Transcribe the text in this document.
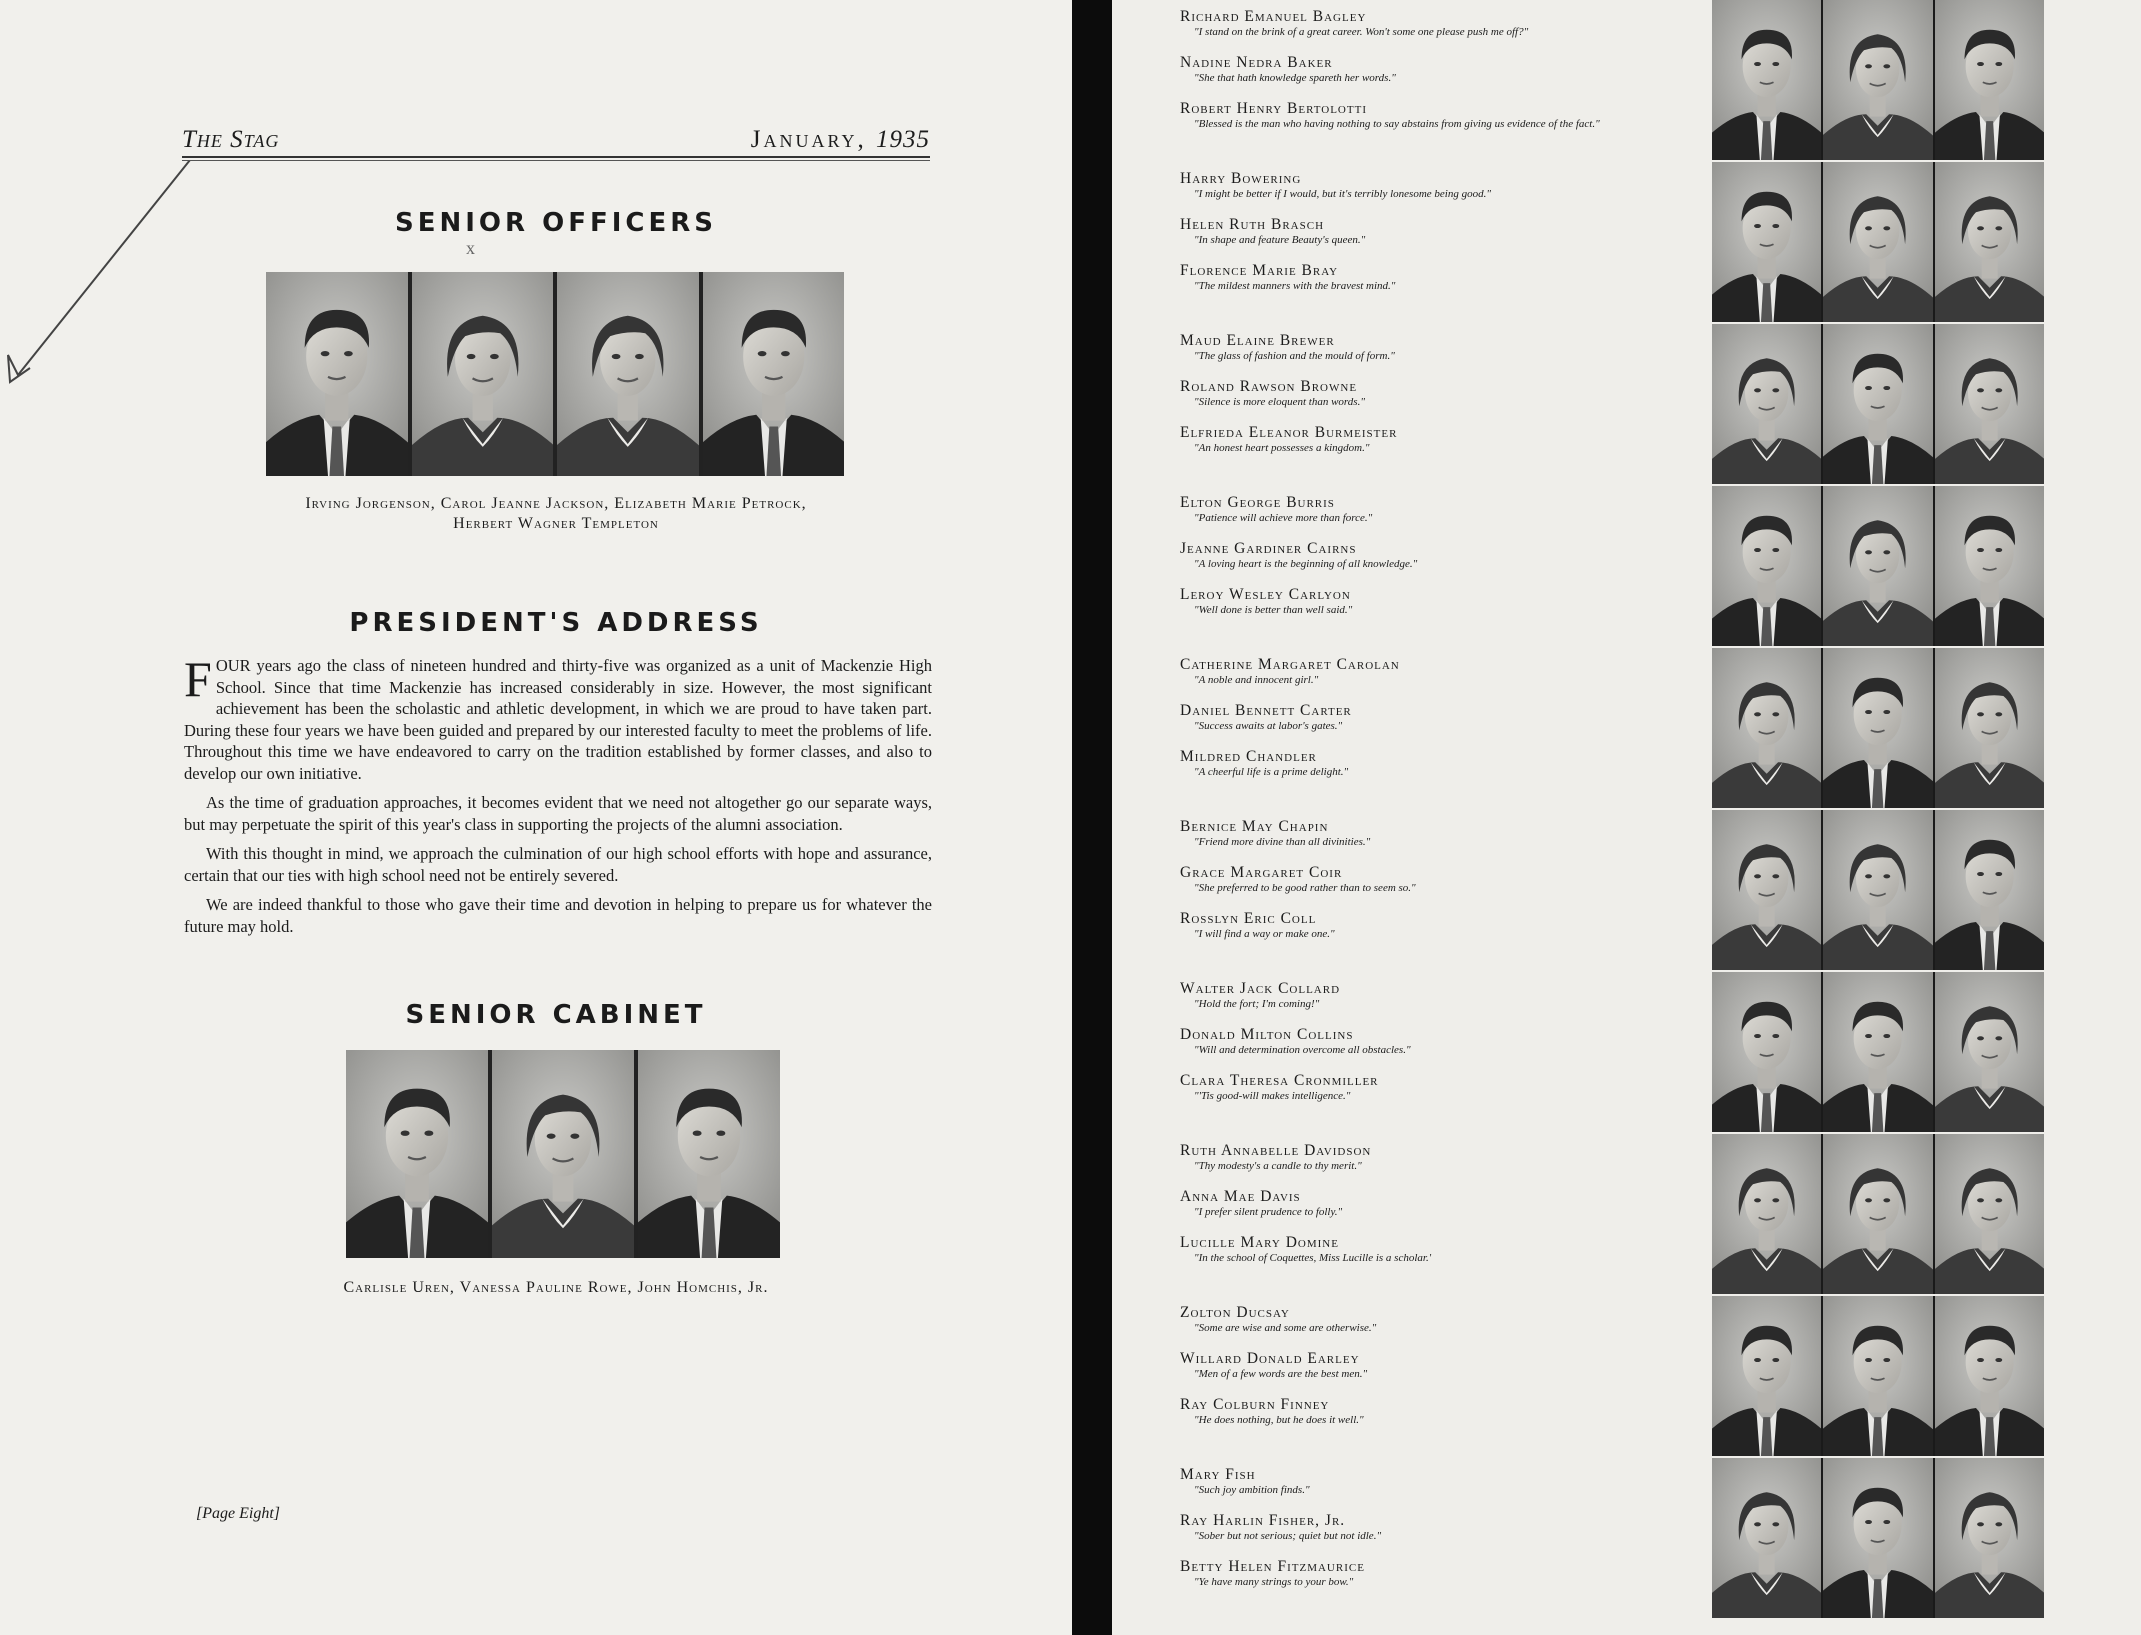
The Stag	January, 1935
SENIOR OFFICERS
x
Irving Jorgenson, Carol Jeanne Jackson, Elizabeth Marie Petrock,
Herbert Wagner Templeton
PRESIDENT'S ADDRESS

FOUR years ago the class of nineteen hundred and thirty-five was organized as a unit of Mackenzie High School. Since that time Mackenzie has increased considerably in size. However, the most significant achievement has been the scholastic and athletic development, in which we are proud to have taken part. During these four years we have been guided and prepared by our interested faculty to meet the problems of life. Throughout this time we have endeavored to carry on the tradition established by former classes, and also to develop our own initiative.

As the time of graduation approaches, it becomes evident that we need not altogether go our separate ways, but may perpetuate the spirit of this year's class in supporting the projects of the alumni association.

With this thought in mind, we approach the culmination of our high school efforts with hope and assurance, certain that our ties with high school need not be entirely severed.

We are indeed thankful to those who gave their time and devotion in helping to prepare us for whatever the future may hold.

SENIOR CABINET
Carlisle Uren, Vanessa Pauline Rowe, John Homchis, Jr.
[Page Eight]
Richard Emanuel Bagley
"I stand on the brink of a great career. Won't some one please push me off?"
Nadine Nedra Baker
"She that hath knowledge spareth her words."
Robert Henry Bertolotti
"Blessed is the man who having nothing to say abstains from giving us evidence of the fact."
Harry Bowering
"I might be better if I would, but it's terribly lonesome being good."
Helen Ruth Brasch
"In shape and feature Beauty's queen."
Florence Marie Bray
"The mildest manners with the bravest mind."
Maud Elaine Brewer
"The glass of fashion and the mould of form."
Roland Rawson Browne
"Silence is more eloquent than words."
Elfrieda Eleanor Burmeister
"An honest heart possesses a kingdom."
Elton George Burris
"Patience will achieve more than force."
Jeanne Gardiner Cairns
"A loving heart is the beginning of all knowledge."
Leroy Wesley Carlyon
"Well done is better than well said."
Catherine Margaret Carolan
"A noble and innocent girl."
Daniel Bennett Carter
"Success awaits at labor's gates."
Mildred Chandler
"A cheerful life is a prime delight."
Bernice May Chapin
"Friend more divine than all divinities."
Grace Margaret Coir
"She preferred to be good rather than to seem so."
Rosslyn Eric Coll
"I will find a way or make one."
Walter Jack Collard
"Hold the fort; I'm coming!"
Donald Milton Collins
"Will and determination overcome all obstacles."
Clara Theresa Cronmiller
"'Tis good-will makes intelligence."
Ruth Annabelle Davidson
"Thy modesty's a candle to thy merit."
Anna Mae Davis
"I prefer silent prudence to folly."
Lucille Mary Domine
"In the school of Coquettes, Miss Lucille is a scholar.'
Zolton Ducsay
"Some are wise and some are otherwise."
Willard Donald Earley
"Men of a few words are the best men."
Ray Colburn Finney
"He does nothing, but he does it well."
Mary Fish
"Such joy ambition finds."
Ray Harlin Fisher, Jr.
"Sober but not serious; quiet but not idle."
Betty Helen Fitzmaurice
"Ye have many strings to your bow."
